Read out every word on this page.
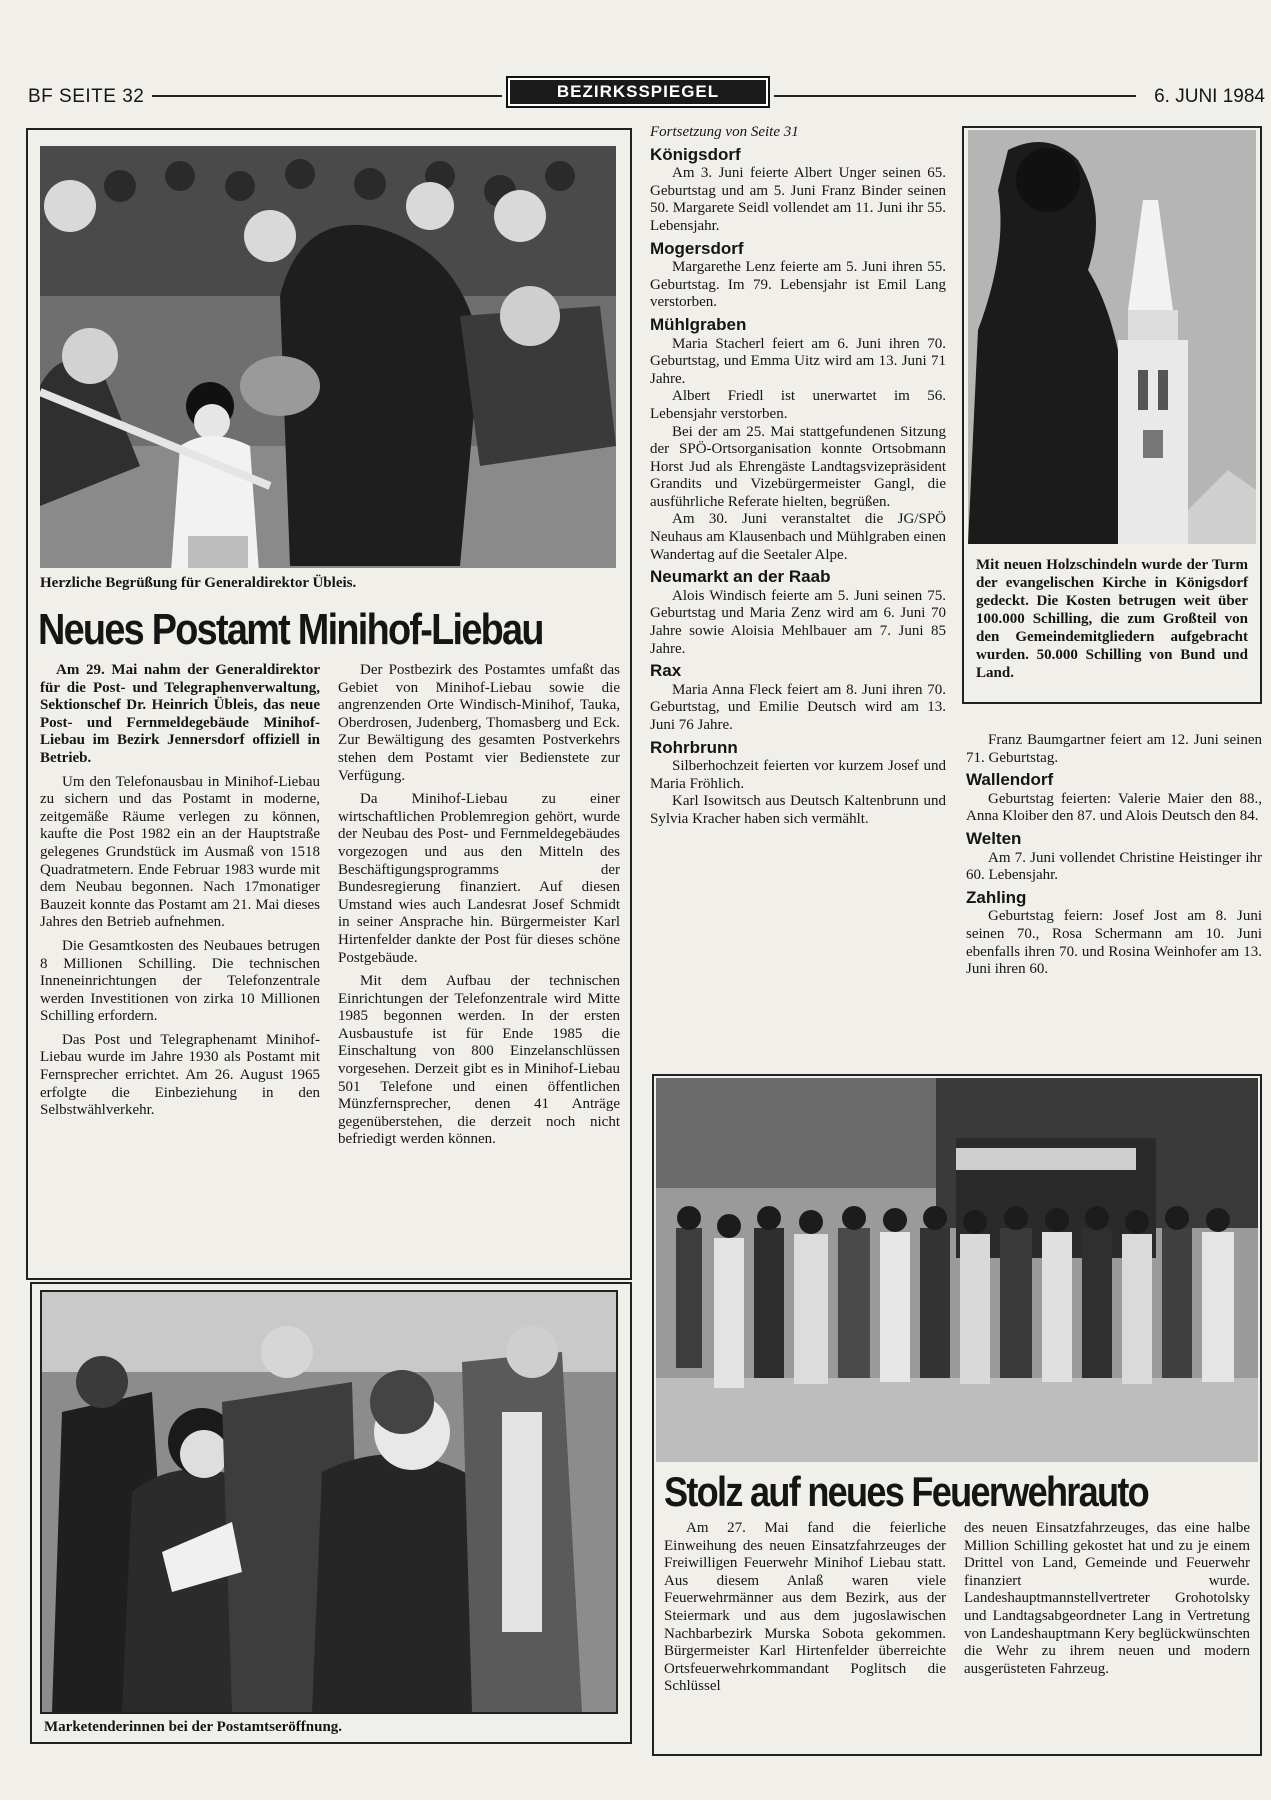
BF SEITE 32	BEZIRKSSPIEGEL	6. JUNI 1984
Herzliche Begrüßung für Generaldirektor Übleis.
Neues Postamt Minihof-Liebau

Am 29. Mai nahm der Generaldirektor für die Post- und Telegraphenverwaltung, Sektionschef Dr. Heinrich Übleis, das neue Post- und Fernmeldegebäude Minihof-Liebau im Bezirk Jennersdorf offiziell in Betrieb.

Um den Telefonausbau in Minihof-Liebau zu sichern und das Postamt in moderne, zeitgemäße Räume verlegen zu können, kaufte die Post 1982 ein an der Hauptstraße gelegenes Grundstück im Ausmaß von 1518 Quadratmetern. Ende Februar 1983 wurde mit dem Neubau begonnen. Nach 17monatiger Bauzeit konnte das Postamt am 21. Mai dieses Jahres den Betrieb aufnehmen.

Die Gesamtkosten des Neubaues betrugen 8 Millionen Schilling. Die technischen Inneneinrichtungen der Telefonzentrale werden Investitionen von zirka 10 Millionen Schilling erfordern.

Das Post und Telegraphenamt Minihof-Liebau wurde im Jahre 1930 als Postamt mit Fernsprecher errichtet. Am 26. August 1965 erfolgte die Einbeziehung in den Selbstwählverkehr.

Der Postbezirk des Postamtes umfaßt das Gebiet von Minihof-Liebau sowie die angrenzenden Orte Windisch-Minihof, Tauka, Oberdrosen, Judenberg, Thomasberg und Eck. Zur Bewältigung des gesamten Postverkehrs stehen dem Postamt vier Bedienstete zur Verfügung.

Da Minihof-Liebau zu einer wirtschaftlichen Problemregion gehört, wurde der Neubau des Post- und Fernmeldegebäudes vorgezogen und aus den Mitteln des Beschäftigungsprogramms der Bundesregierung finanziert. Auf diesen Umstand wies auch Landesrat Josef Schmidt in seiner Ansprache hin. Bürgermeister Karl Hirtenfelder dankte der Post für dieses schöne Postgebäude.

Mit dem Aufbau der technischen Einrichtungen der Telefonzentrale wird Mitte 1985 begonnen werden. In der ersten Ausbaustufe ist für Ende 1985 die Einschaltung von 800 Einzelanschlüssen vorgesehen. Derzeit gibt es in Minihof-Liebau 501 Telefone und einen öffentlichen Münzfernsprecher, denen 41 Anträge gegenüberstehen, die derzeit noch nicht befriedigt werden können.

Marketenderinnen bei der Postamtseröffnung.
Fortsetzung von Seite 31
Königsdorf

Am 3. Juni feierte Albert Unger seinen 65. Geburtstag und am 5. Juni Franz Binder seinen 50. Margarete Seidl vollendet am 11. Juni ihr 55. Lebensjahr.

Mogersdorf

Margarethe Lenz feierte am 5. Juni ihren 55. Geburtstag. Im 79. Lebensjahr ist Emil Lang verstorben.

Mühlgraben

Maria Stacherl feiert am 6. Juni ihren 70. Geburtstag, und Emma Uitz wird am 13. Juni 71 Jahre.

Albert Friedl ist unerwartet im 56. Lebensjahr verstorben.

Bei der am 25. Mai stattgefundenen Sitzung der SPÖ-Ortsorganisation konnte Ortsobmann Horst Jud als Ehrengäste Landtagsvizepräsident Grandits und Vizebürgermeister Gangl, die ausführliche Referate hielten, begrüßen.

Am 30. Juni veranstaltet die JG/SPÖ Neuhaus am Klausenbach und Mühlgraben einen Wandertag auf die Seetaler Alpe.

Neumarkt an der Raab

Alois Windisch feierte am 5. Juni seinen 75. Geburtstag und Maria Zenz wird am 6. Juni 70 Jahre sowie Aloisia Mehlbauer am 7. Juni 85 Jahre.

Rax

Maria Anna Fleck feiert am 8. Juni ihren 70. Geburtstag, und Emilie Deutsch wird am 13. Juni 76 Jahre.

Rohrbrunn

Silberhochzeit feierten vor kurzem Josef und Maria Fröhlich.

Karl Isowitsch aus Deutsch Kaltenbrunn und Sylvia Kracher haben sich vermählt.

Mit neuen Holzschindeln wurde der Turm der evangelischen Kirche in Königsdorf gedeckt. Die Kosten betrugen weit über 100.000 Schilling, die zum Großteil von den Gemeindemitgliedern aufgebracht wurden. 50.000 Schilling von Bund und Land.

Franz Baumgartner feiert am 12. Juni seinen 71. Geburtstag.

Wallendorf

Geburtstag feierten: Valerie Maier den 88., Anna Kloiber den 87. und Alois Deutsch den 84.

Welten

Am 7. Juni vollendet Christine Heistinger ihr 60. Lebensjahr.

Zahling

Geburtstag feiern: Josef Jost am 8. Juni seinen 70., Rosa Schermann am 10. Juni ebenfalls ihren 70. und Rosina Weinhofer am 13. Juni ihren 60.

Stolz auf neues Feuerwehrauto

Am 27. Mai fand die feierliche Einweihung des neuen Einsatzfahrzeuges der Freiwilligen Feuerwehr Minihof Liebau statt. Aus diesem Anlaß waren viele Feuerwehrmänner aus dem Bezirk, aus der Steiermark und aus dem jugoslawischen Nachbarbezirk Murska Sobota gekommen. Bürgermeister Karl Hirtenfelder überreichte Ortsfeuerwehrkommandant Poglitsch die Schlüssel

des neuen Einsatzfahrzeuges, das eine halbe Million Schilling gekostet hat und zu je einem Drittel von Land, Gemeinde und Feuerwehr finanziert wurde. Landeshauptmannstellvertreter Grohotolsky und Landtagsabgeordneter Lang in Vertretung von Landeshauptmann Kery beglückwünschten die Wehr zu ihrem neuen und modern ausgerüsteten Fahrzeug.
